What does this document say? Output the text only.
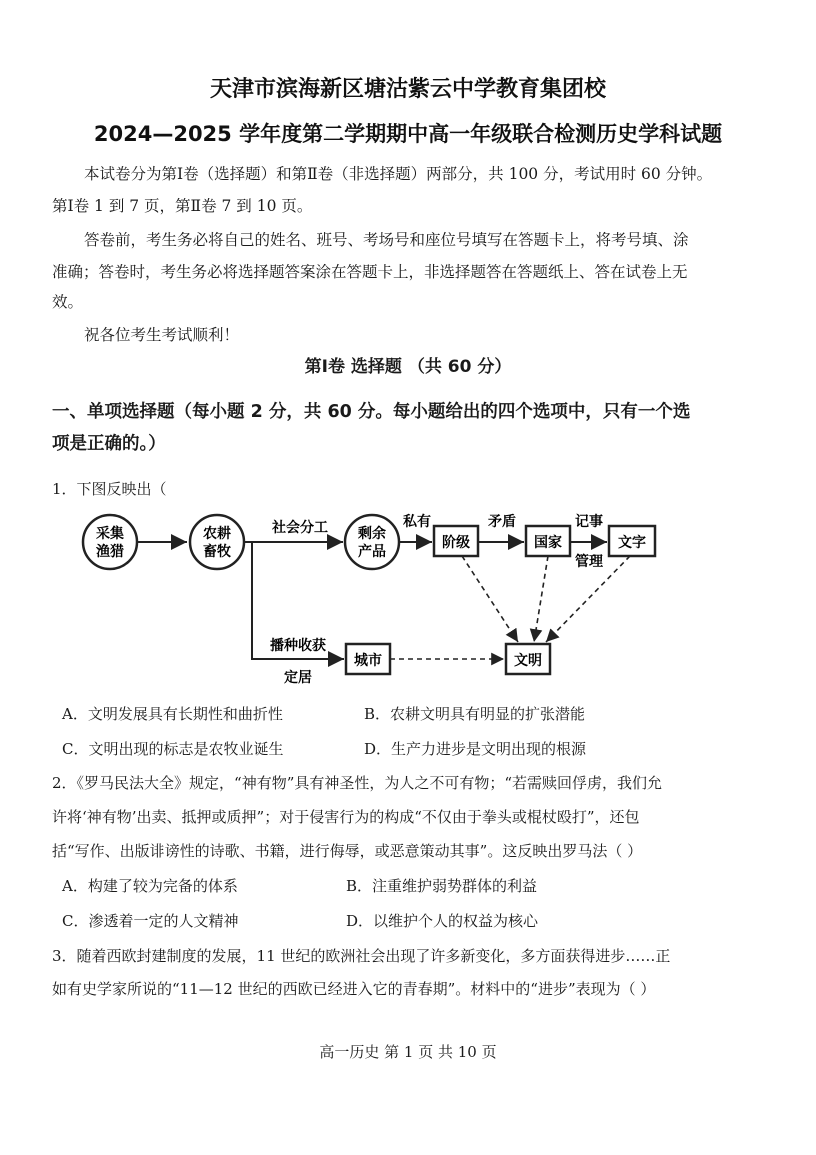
天津市滨海新区塘沽紫云中学教育集团校
2024—2025 学年度第二学期期中高一年级联合检测历史学科试题
本试卷分为第Ⅰ卷（选择题）和第Ⅱ卷（非选择题）两部分，共 100 分，考试用时 60 分钟。
第Ⅰ卷 1 到 7 页，第Ⅱ卷 7 到 10 页。
答卷前，考生务必将自己的姓名、班号、考场号和座位号填写在答题卡上，将考号填、涂
准确；答卷时，考生务必将选择题答案涂在答题卡上，非选择题答在答题纸上、答在试卷上无
效。
祝各位考生考试顺利！
第Ⅰ卷 选择题 （共 60 分）
一、单项选择题（每小题 2 分，共 60 分。每小题给出的四个选项中，只有一个选
项是正确的。）
1．下图反映出（
采集
渔猎
农耕
畜牧
剩余
产品
阶级	国家	文字
城市	文明
社会分工	私有	矛盾	记事
管理
播种收获
定居
A．文明发展具有长期性和曲折性	B．农耕文明具有明显的扩张潜能
C．文明出现的标志是农牧业诞生	D．生产力进步是文明出现的根源
2．《罗马民法大全》规定，“神有物”具有神圣性，为人之不可有物；“若需赎回俘虏，我们允
许将‘神有物’出卖、抵押或质押”；对于侵害行为的构成“不仅由于拳头或棍杖殴打”，还包
括“写作、出版诽谤性的诗歌、书籍，进行侮辱，或恶意策动其事”。这反映出罗马法（ ）
A．构建了较为完备的体系	B．注重维护弱势群体的利益
C．渗透着一定的人文精神	D．以维护个人的权益为核心
3．随着西欧封建制度的发展，11 世纪的欧洲社会出现了许多新变化，多方面获得进步……正
如有史学家所说的“11—12 世纪的西欧已经进入它的青春期”。材料中的“进步”表现为（ ）
高一历史 第 1 页 共 10 页
